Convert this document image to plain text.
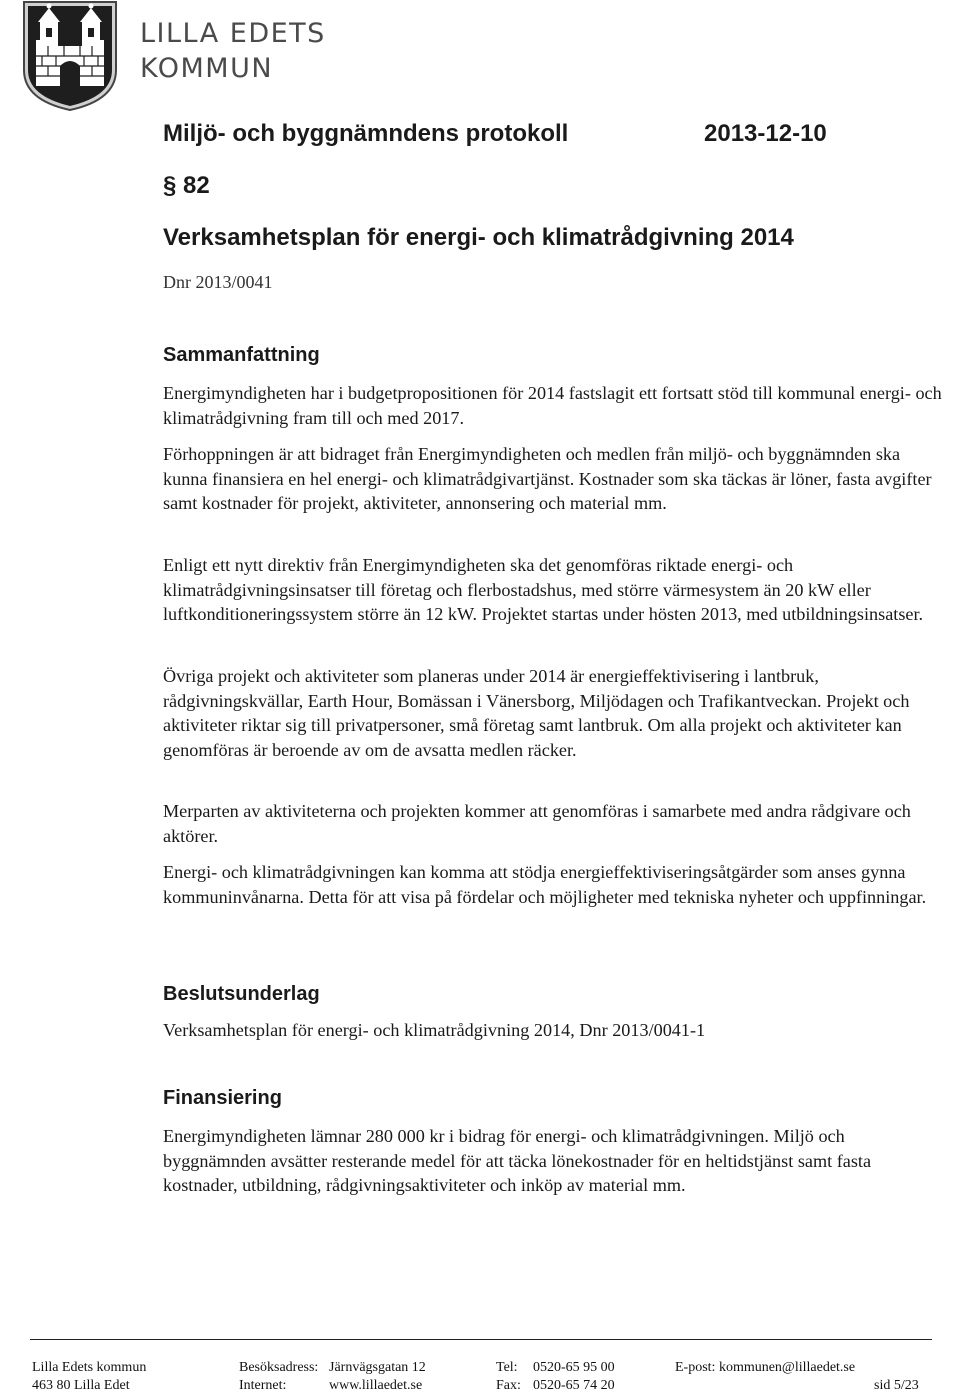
LILLA EDETS
KOMMUN
Miljö- och byggnämndens protokoll	2013-12-10
§ 82
Verksamhetsplan för energi- och klimatrådgivning 2014
Dnr 2013/0041
Sammanfattning

Energimyndigheten har i budgetpropositionen för 2014 fastslagit ett fortsatt stöd till kommunal energi- och klimatrådgivning fram till och med 2017.

Förhoppningen är att bidraget från Energimyndigheten och medlen från miljö- och byggnämnden ska kunna finansiera en hel energi- och klimatrådgivartjänst. Kostnader som ska täckas är löner, fasta avgifter samt kostnader för projekt, aktiviteter, annonsering och material mm.

Enligt ett nytt direktiv från Energimyndigheten ska det genomföras riktade energi- och klimatrådgivningsinsatser till företag och flerbostadshus, med större värmesystem än 20 kW eller luftkonditioneringssystem större än 12 kW. Projektet startas under hösten 2013, med utbildningsinsatser.

Övriga projekt och aktiviteter som planeras under 2014 är energieffektivisering i lantbruk, rådgivningskvällar, Earth Hour, Bomässan i Vänersborg, Miljödagen och Trafikantveckan. Projekt och aktiviteter riktar sig till privatpersoner, små företag samt lantbruk. Om alla projekt och aktiviteter kan genomföras är beroende av om de avsatta medlen räcker.

Merparten av aktiviteterna och projekten kommer att genomföras i samarbete med andra rådgivare och aktörer.

Energi- och klimatrådgivningen kan komma att stödja energieffektiviseringsåtgärder som anses gynna kommuninvånarna. Detta för att visa på fördelar och möjligheter med tekniska nyheter och uppfinningar.

Beslutsunderlag

Verksamhetsplan för energi- och klimatrådgivning 2014, Dnr 2013/0041-1

Finansiering

Energimyndigheten lämnar 280 000 kr i bidrag för energi- och klimatrådgivningen. Miljö och byggnämnden avsätter resterande medel för att täcka lönekostnader för en heltidstjänst samt fasta kostnader, utbildning, rådgivningsaktiviteter och inköp av material mm.

Lilla Edets kommun
463 80 Lilla Edet
Besöksadress: Järnvägsgatan 12
Internet:	www.lillaedet.se
Tel: 0520-65 95 00
Fax: 0520-65 74 20
E-post: kommunen@lillaedet.se
sid 5/23
